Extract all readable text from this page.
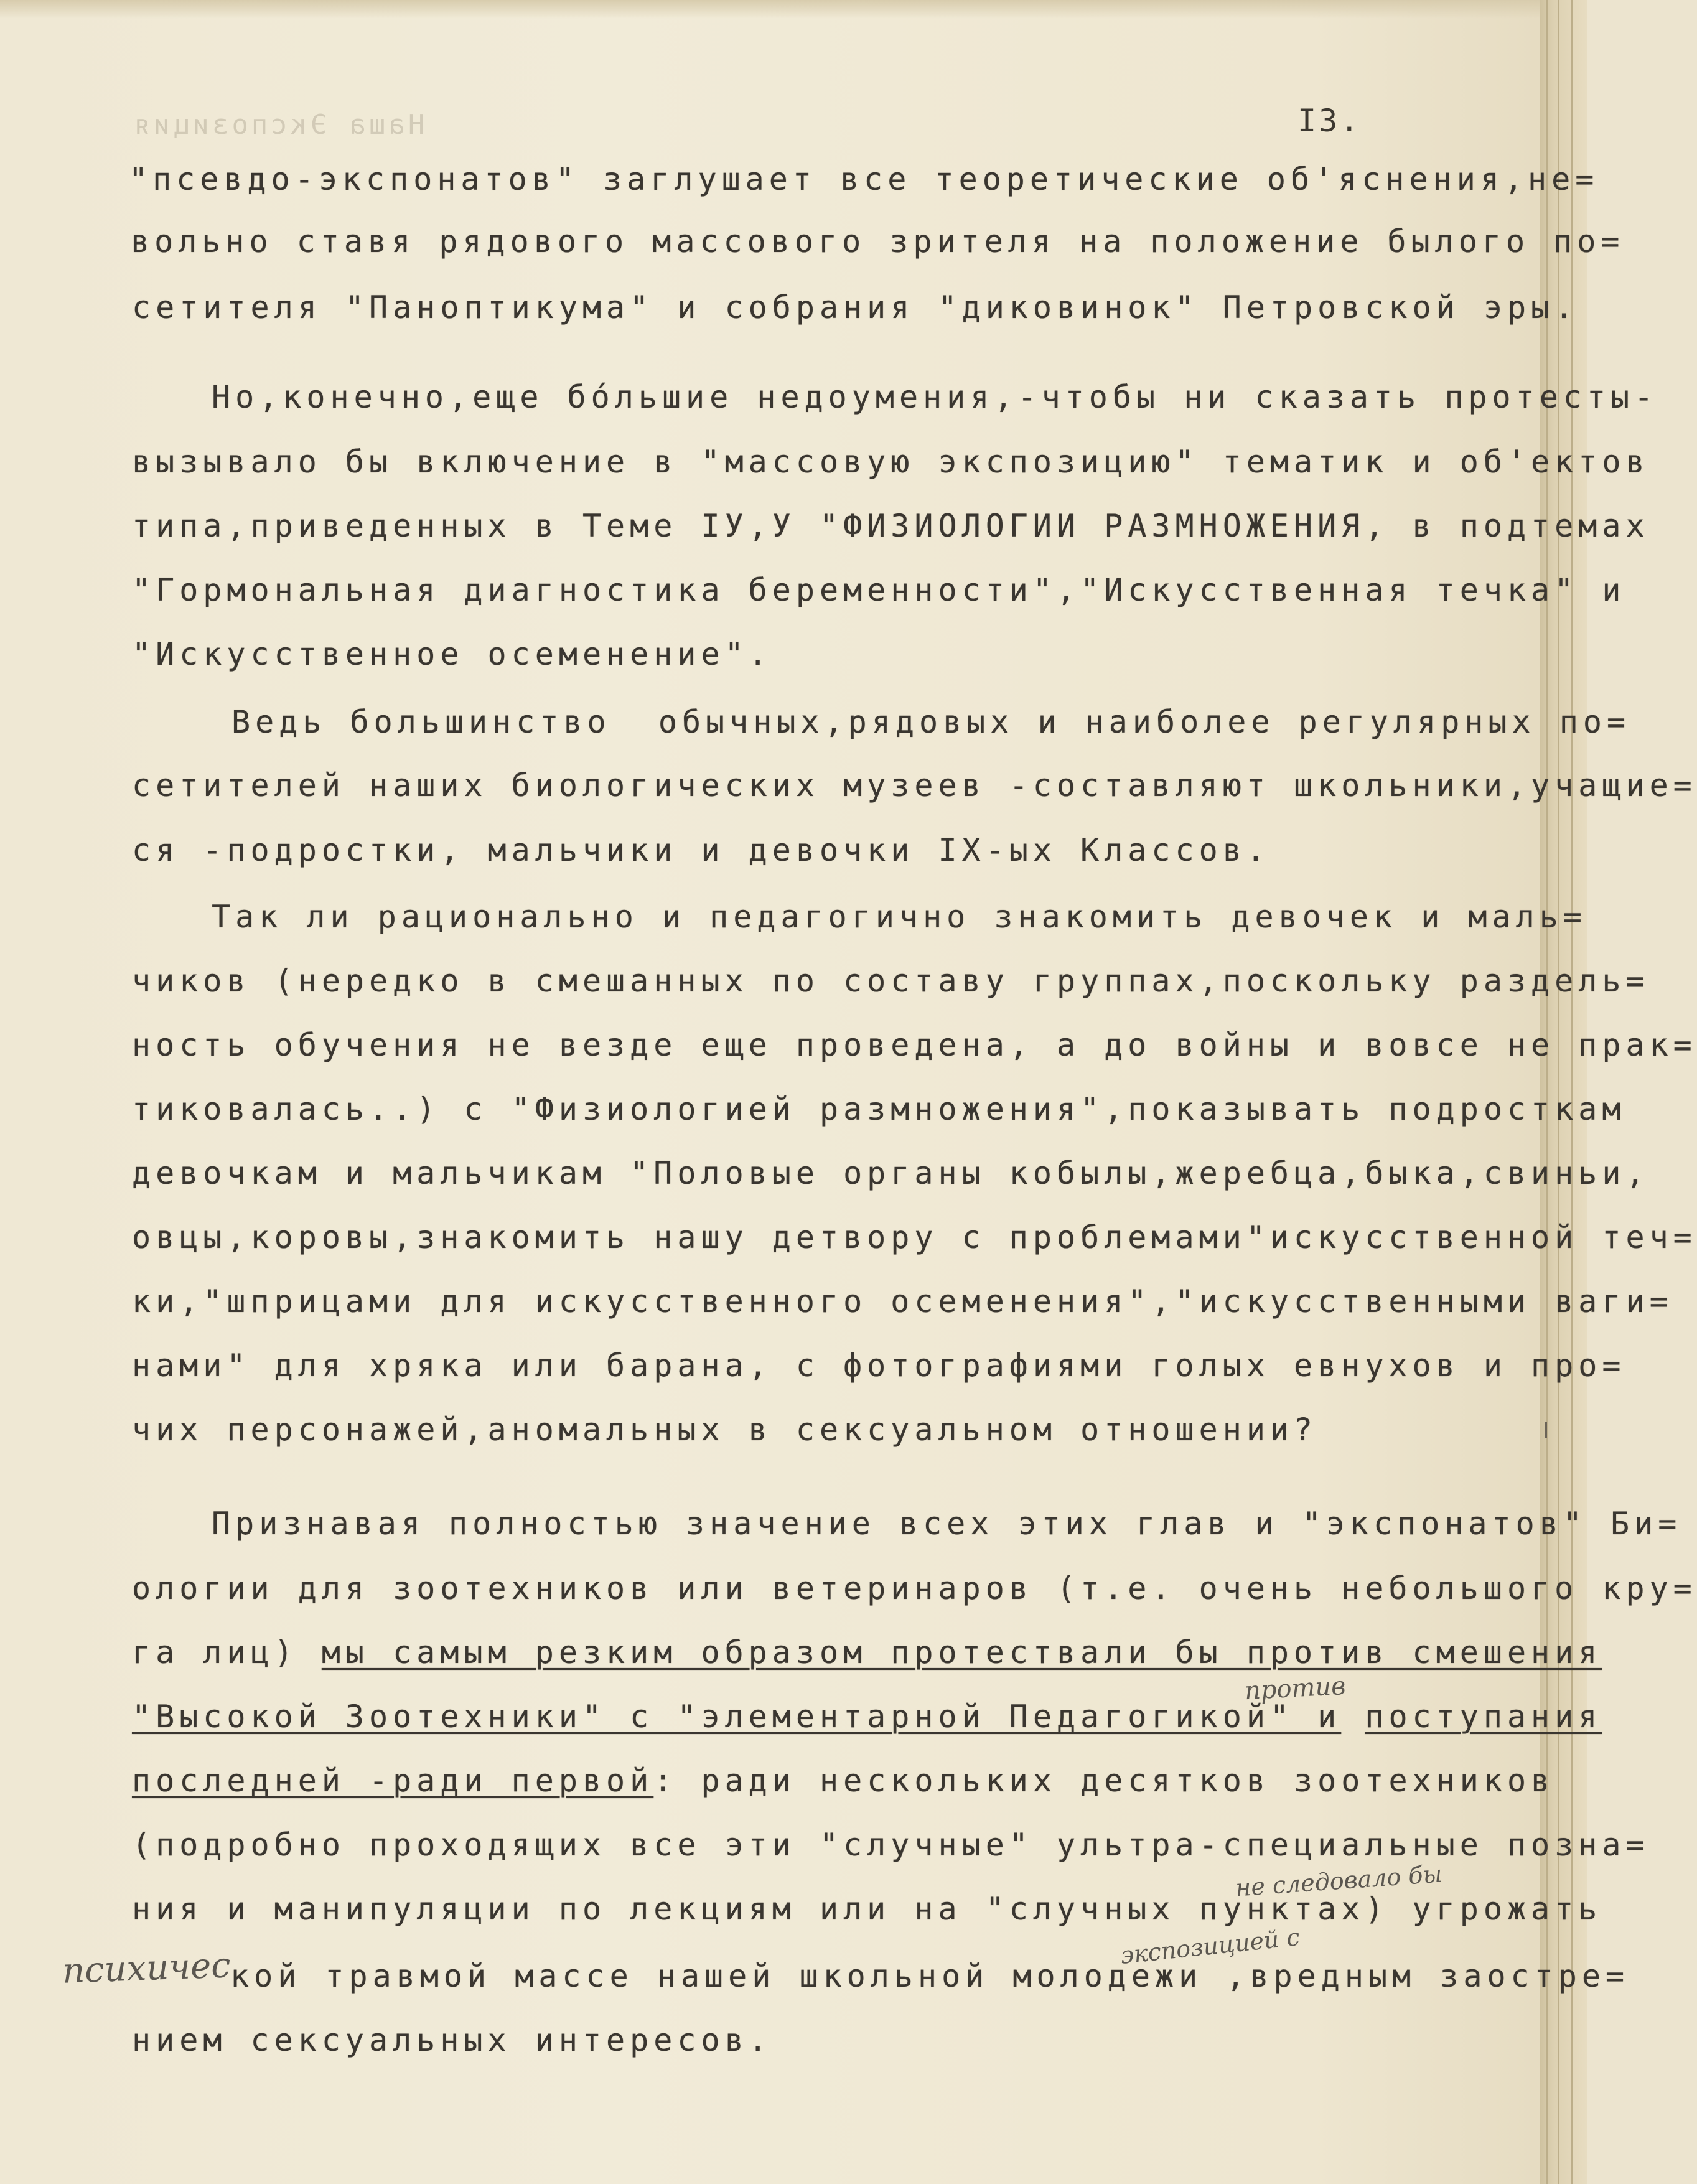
Наша Экспозиция	I3.
"псевдо-экспонатов" заглушает все теоретические об'яснения,не=
вольно ставя рядового массового зрителя на положение былого по=
сетителя "Паноптикума" и собрания "диковинок" Петровской эры.
Но,конечно,еще бо́льшие недоумения,-чтобы ни сказать протесты-
вызывало бы включение в "массовую экспозицию" тематик и об'ектов
типа,приведенных в Теме IУ,У "ФИЗИОЛОГИИ РАЗМНОЖЕНИЯ, в подтемах
"Гормональная диагностика беременности","Искусственная течка" и
"Искусственное осеменение".
Ведь большинство  обычных,рядовых и наиболее регулярных по=
сетителей наших биологических музеев -составляют школьники,учащие=
ся -подростки, мальчики и девочки IX-ых Классов.
Так ли рационально и педагогично знакомить девочек и маль=
чиков (нередко в смешанных по составу группах,поскольку раздель=
ность обучения не везде еще проведена, а до войны и вовсе не прак=
тиковалась..) с "Физиологией размножения",показывать подросткам
девочкам и мальчикам "Половые органы кобылы,жеребца,быка,свиньи,
овцы,коровы,знакомить нашу детвору с проблемами"искусственной теч=
ки,"шприцами для искусственного осеменения","искусственными ваги=
нами" для хряка или барана, с фотографиями голых евнухов и про=
чих персонажей,аномальных в сексуальном отношении?
Признавая полностью значение всех этих глав и "экспонатов" Би=
ологии для зоотехников или ветеринаров (т.е. очень небольшого кру=
га лиц) мы самым резким образом протествали бы против смешения
"Высокой Зоотехники" с "элементарной Педагогикой" и поступания
последней -ради первой: ради нескольких десятков зоотехников
(подробно проходящих все эти "случные" ультра-специальные позна=
ния и манипуляции по лекциям или на "случных пунктах) угрожать
кой травмой массе нашей школьной молодежи ,вредным заостре=
нием сексуальных интересов.
против
не следовало бы
экспозицией с
психичес
